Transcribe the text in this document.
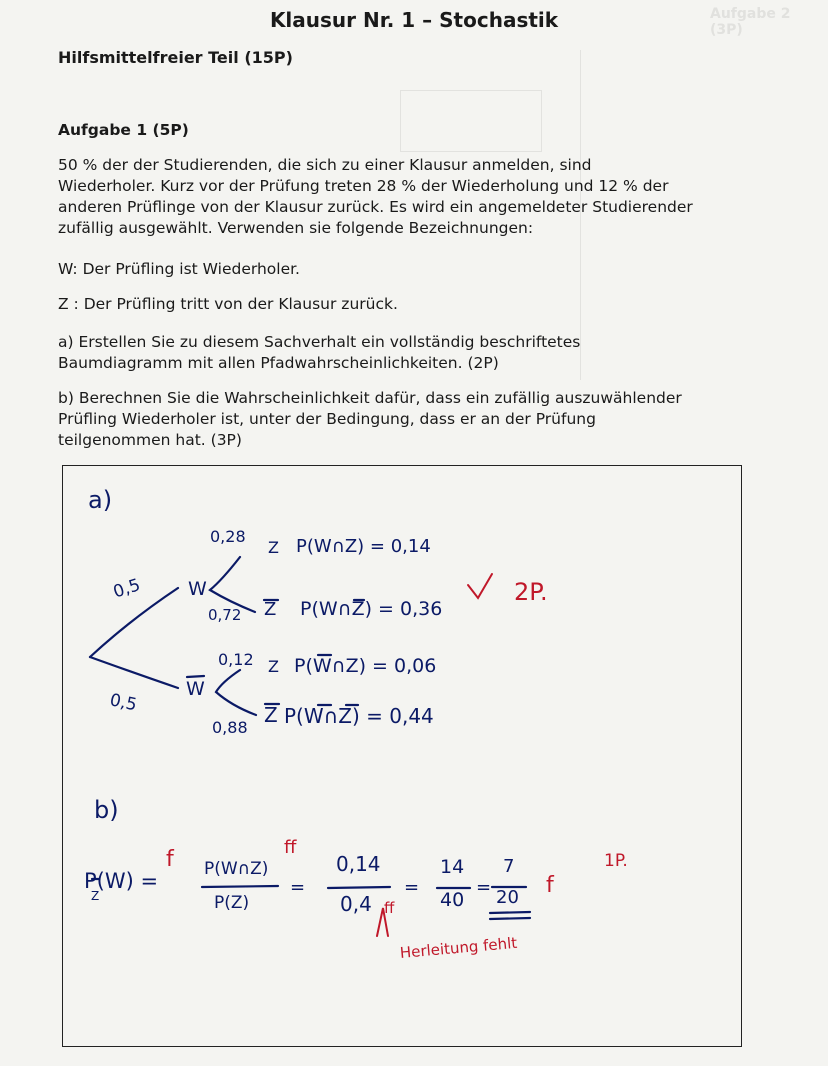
Aufgabe 2 (3P)
Klausur Nr. 1 – Stochastik
Hilfsmittelfreier Teil (15P)
Aufgabe 1 (5P)
50 % der der Studierenden, die sich zu einer Klausur anmelden, sind
Wiederholer. Kurz vor der Prüfung treten 28 % der Wiederholung und 12 % der
anderen Prüflinge von der Klausur zurück. Es wird ein angemeldeter Studierender
zufällig ausgewählt. Verwenden sie folgende Bezeichnungen:
W: Der Prüfling ist Wiederholer.
Z : Der Prüfling tritt von der Klausur zurück.
a) Erstellen Sie zu diesem Sachverhalt ein vollständig beschriftetes
Baumdiagramm mit allen Pfadwahrscheinlichkeiten. (2P)
b) Berechnen Sie die Wahrscheinlichkeit dafür, dass ein zufällig auszuwählender
Prüfling Wiederholer ist, unter der Bedingung, dass er an der Prüfung
teilgenommen hat. (3P)
a)
0,5
0,5
W
W
0,28
0,72
0,12
0,88
Z
Z
Z
Z
P(W∩Z) = 0,14
P(W∩Z) = 0,36
P(W∩Z) = 0,06
P(W∩Z) = 0,44
2P.
b)
P(W) =
Z
f P(W∩Z)
P(Z)
ff
=
0,14
0,4 ff
=
14
40
=
7
20 f
1P.
Herleitung fehlt
